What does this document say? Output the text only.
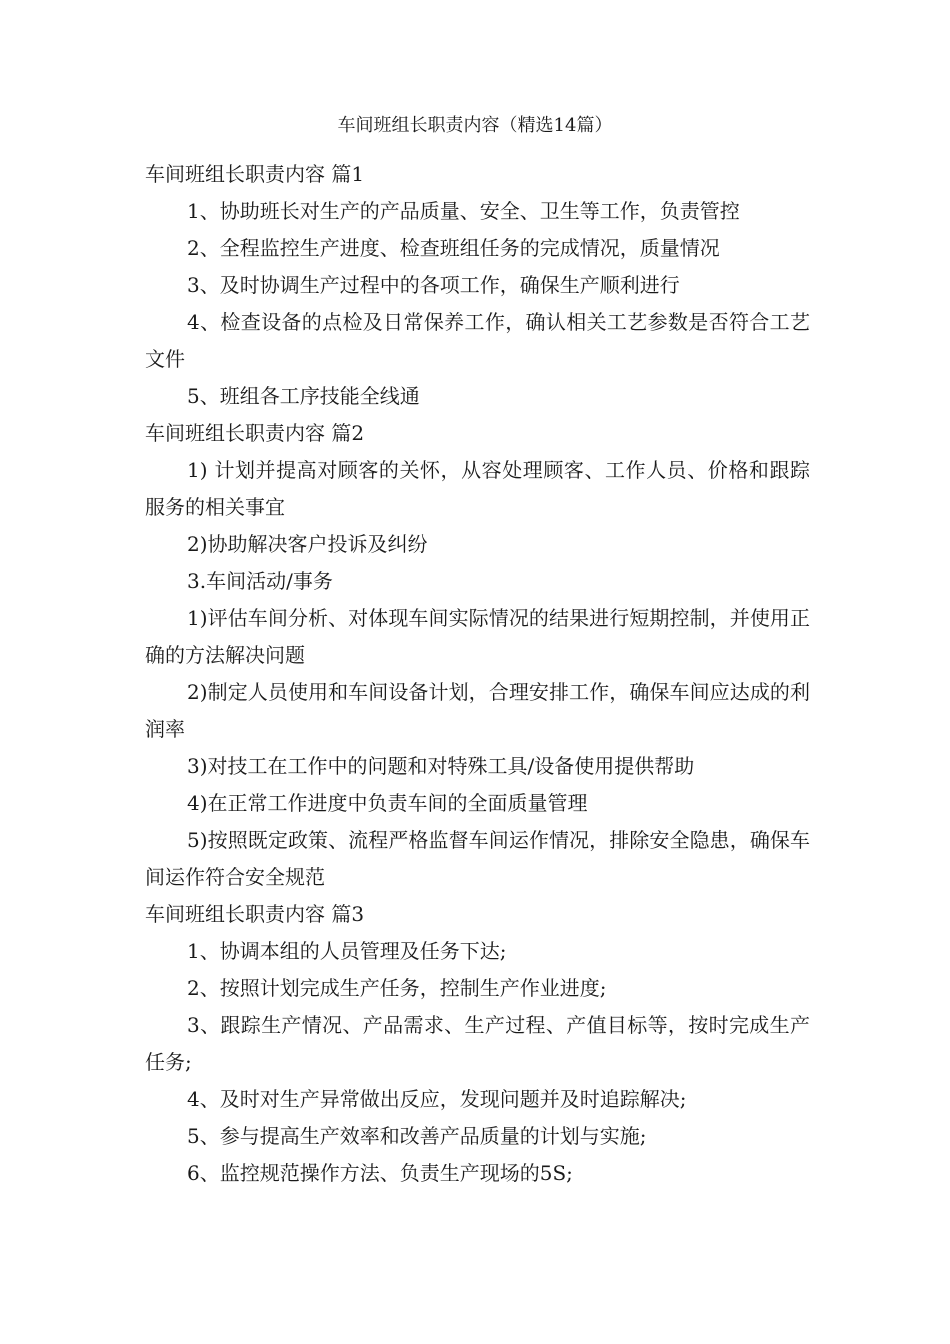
车间班组长职责内容（精选14篇）
车间班组长职责内容 篇1

1、协助班长对生产的产品质量、安全、卫生等工作，负责管控

2、全程监控生产进度、检查班组任务的完成情况，质量情况

3、及时协调生产过程中的各项工作，确保生产顺利进行

4、检查设备的点检及日常保养工作，确认相关工艺参数是否符合工艺文件

5、班组各工序技能全线通

车间班组长职责内容 篇2

1) 计划并提高对顾客的关怀，从容处理顾客、工作人员、价格和跟踪服务的相关事宜

2)协助解决客户投诉及纠纷

3.车间活动/事务

1)评估车间分析、对体现车间实际情况的结果进行短期控制，并使用正确的方法解决问题

2)制定人员使用和车间设备计划，合理安排工作，确保车间应达成的利润率

3)对技工在工作中的问题和对特殊工具/设备使用提供帮助

4)在正常工作进度中负责车间的全面质量管理

5)按照既定政策、流程严格监督车间运作情况，排除安全隐患，确保车间运作符合安全规范

车间班组长职责内容 篇3

1、协调本组的人员管理及任务下达;

2、按照计划完成生产任务，控制生产作业进度;

3、跟踪生产情况、产品需求、生产过程、产值目标等，按时完成生产任务;

4、及时对生产异常做出反应，发现问题并及时追踪解决;

5、参与提高生产效率和改善产品质量的计划与实施;

6、监控规范操作方法、负责生产现场的5S;
